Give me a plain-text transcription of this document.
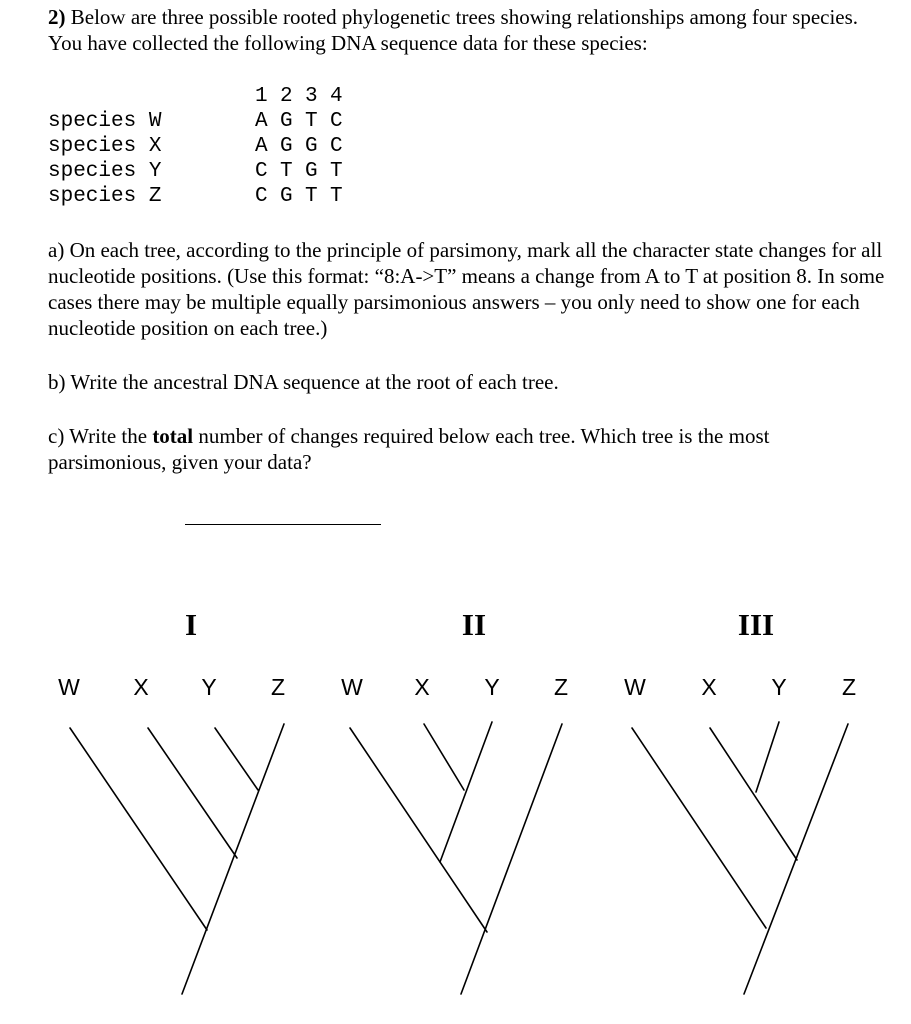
2) Below are three possible rooted phylogenetic trees showing relationships among four species. You have collected the following DNA sequence data for these species:
	1	2	3	4
species W	A	G	T	C
species X	A	G	G	C
species Y	C	T	G	T
species Z	C	G	T	T
a) On each tree, according to the principle of parsimony, mark all the character state changes for all nucleotide positions. (Use this format: “8:A->T” means a change from A to T at position 8. In some cases there may be multiple equally parsimonious answers – you only need to show one for each nucleotide position on each tree.)
b) Write the ancestral DNA sequence at the root of each tree.
c) Write the total number of changes required below each tree. Which tree is the most parsimonious, given your data?
I	II	III
W	X	Y	Z	W	X	Y	Z	W	X	Y	Z
